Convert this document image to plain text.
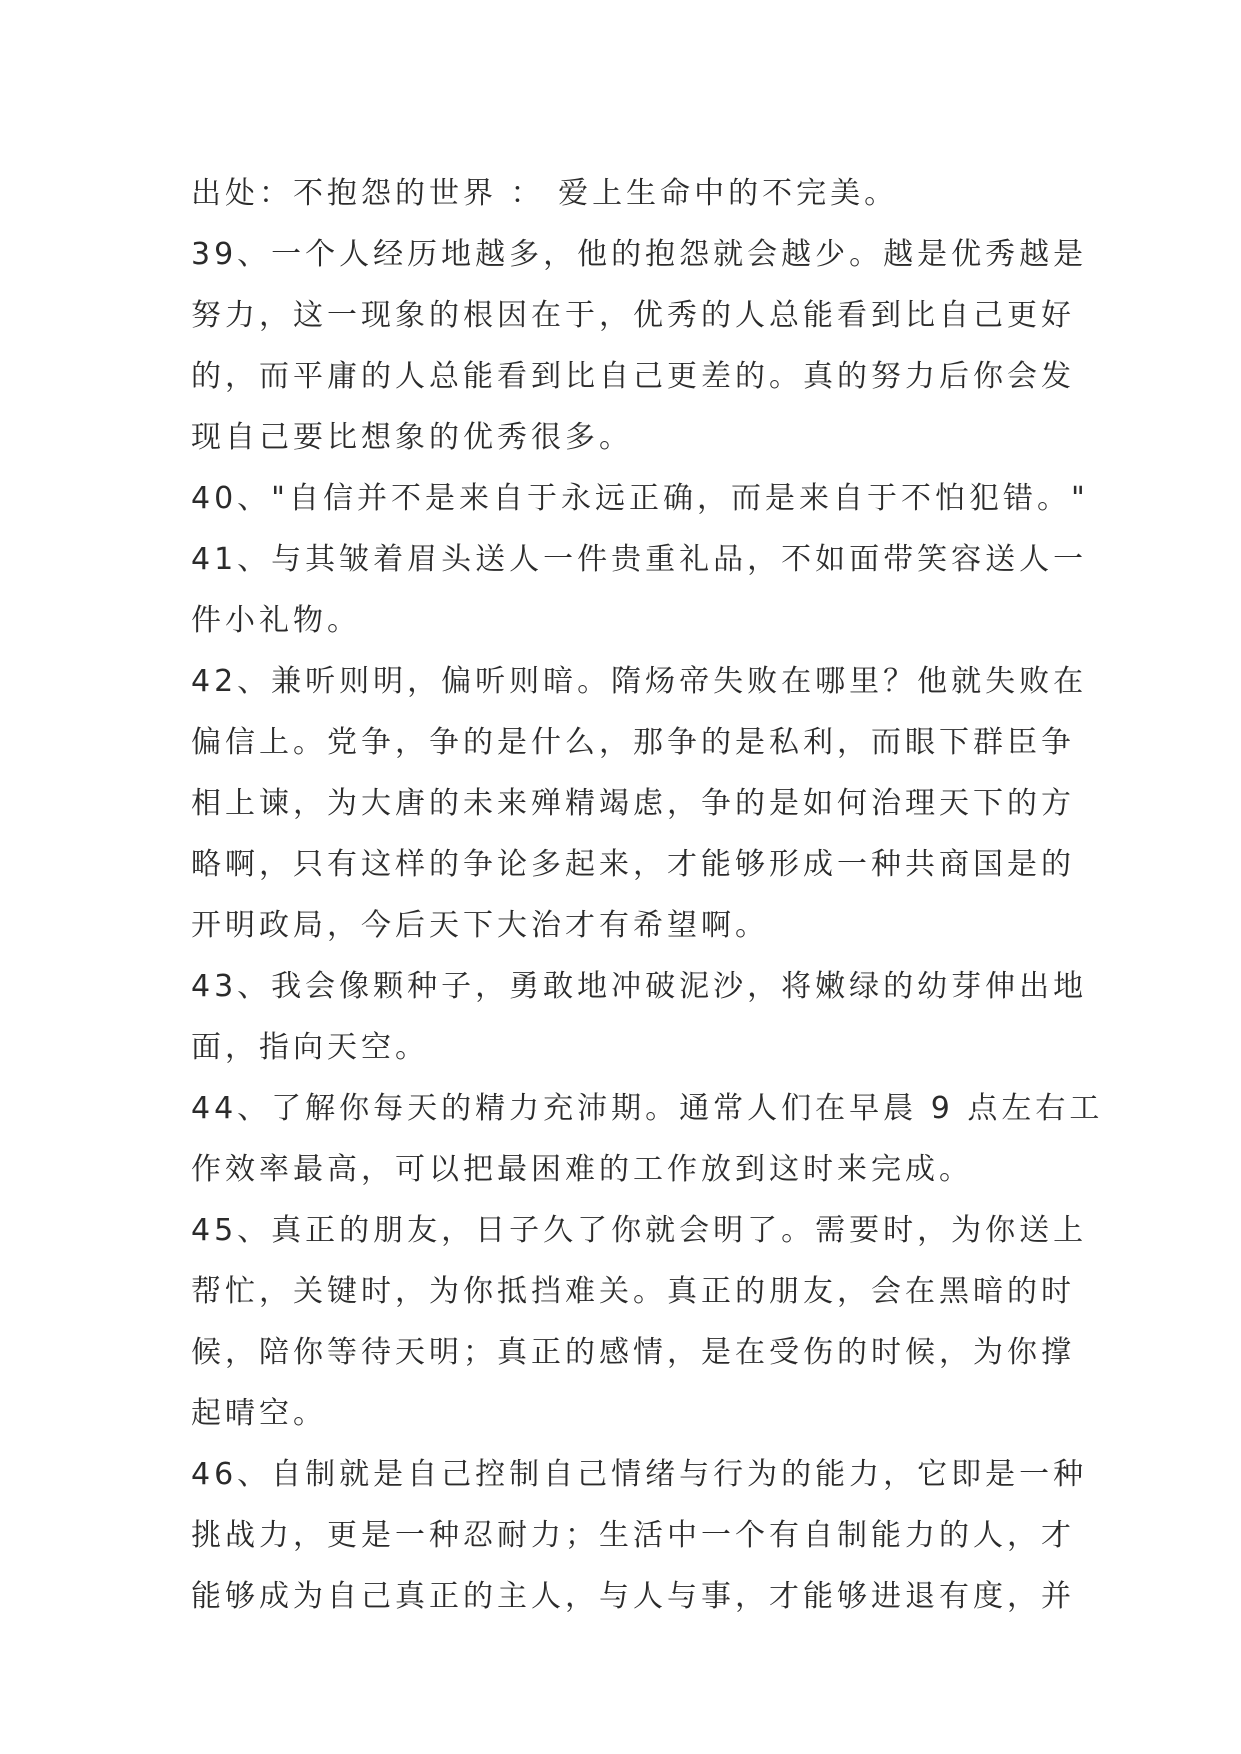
出处：不抱怨的世界 ： 爱上生命中的不完美。
39、一个人经历地越多，他的抱怨就会越少。越是优秀越是
努力，这一现象的根因在于，优秀的人总能看到比自己更好
的，而平庸的人总能看到比自己更差的。真的努力后你会发
现自己要比想象的优秀很多。
40、"自信并不是来自于永远正确，而是来自于不怕犯错。"
41、与其皱着眉头送人一件贵重礼品，不如面带笑容送人一
件小礼物。
42、兼听则明，偏听则暗。隋炀帝失败在哪里？他就失败在
偏信上。党争，争的是什么，那争的是私利，而眼下群臣争
相上谏，为大唐的未来殚精竭虑，争的是如何治理天下的方
略啊，只有这样的争论多起来，才能够形成一种共商国是的
开明政局，今后天下大治才有希望啊。
43、我会像颗种子，勇敢地冲破泥沙，将嫩绿的幼芽伸出地
面，指向天空。
44、了解你每天的精力充沛期。通常人们在早晨 9 点左右工
作效率最高，可以把最困难的工作放到这时来完成。
45、真正的朋友，日子久了你就会明了。需要时，为你送上
帮忙，关键时，为你抵挡难关。真正的朋友，会在黑暗的时
候，陪你等待天明；真正的感情，是在受伤的时候，为你撑
起晴空。
46、自制就是自己控制自己情绪与行为的能力，它即是一种
挑战力，更是一种忍耐力；生活中一个有自制能力的人，才
能够成为自己真正的主人，与人与事，才能够进退有度，并
